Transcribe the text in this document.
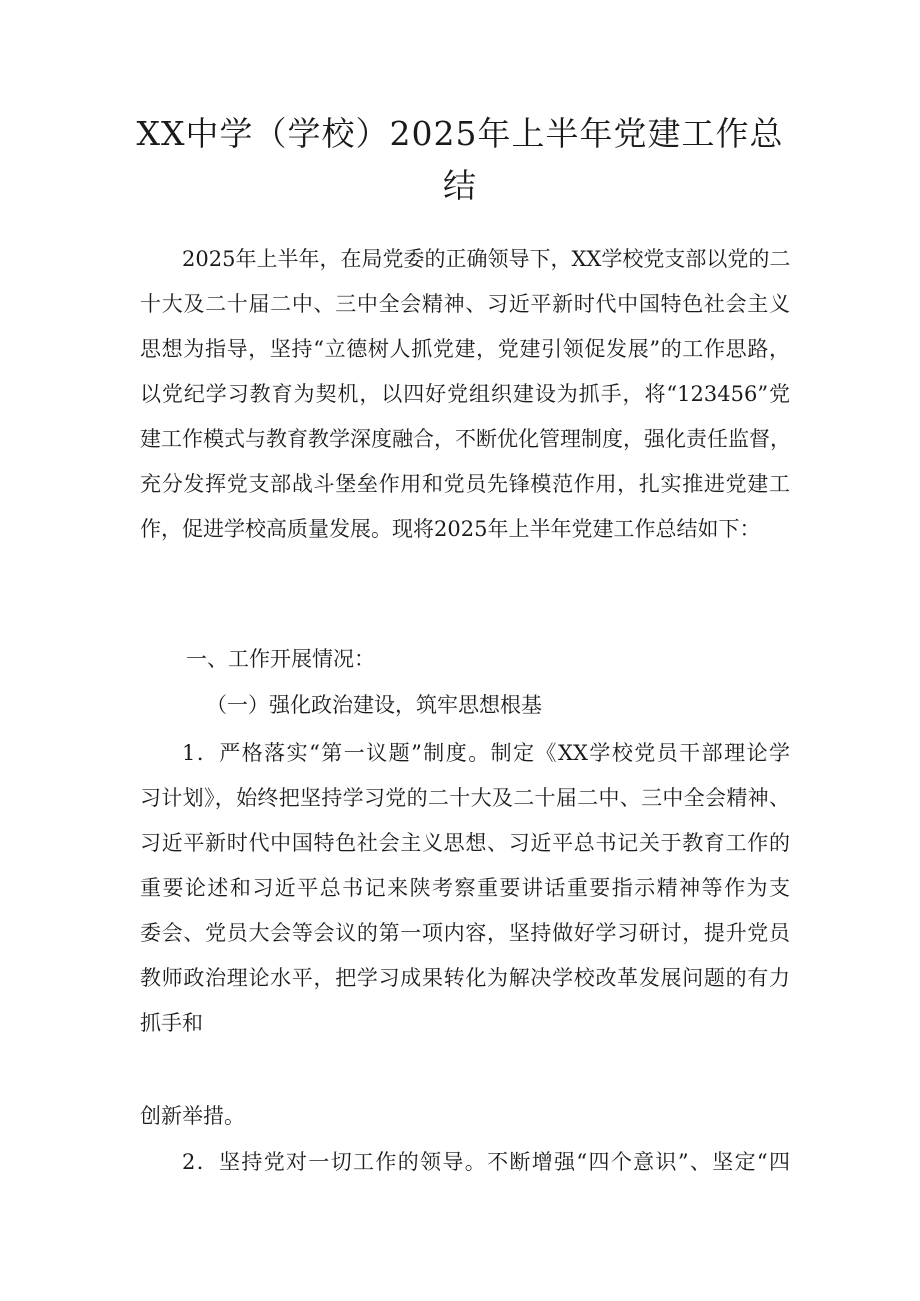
XX中学（学校）2025年上半年党建工作总
结
2025年上半年，在局党委的正确领导下，XX学校党支部以党的二
十大及二十届二中、三中全会精神、习近平新时代中国特色社会主义
思想为指导，坚持“立德树人抓党建，党建引领促发展”的工作思路，
以党纪学习教育为契机，以四好党组织建设为抓手，将“123456”党
建工作模式与教育教学深度融合，不断优化管理制度，强化责任监督，
充分发挥党支部战斗堡垒作用和党员先锋模范作用，扎实推进党建工
作，促进学校高质量发展。现将2025年上半年党建工作总结如下：

一、工作开展情况：

（一）强化政治建设，筑牢思想根基

1．严格落实“第一议题”制度。制定《XX学校党员干部理论学
习计划》，始终把坚持学习党的二十大及二十届二中、三中全会精神、
习近平新时代中国特色社会主义思想、习近平总书记关于教育工作的
重要论述和习近平总书记来陕考察重要讲话重要指示精神等作为支
委会、党员大会等会议的第一项内容，坚持做好学习研讨，提升党员
教师政治理论水平，把学习成果转化为解决学校改革发展问题的有力
抓手和

创新举措。

2．坚持党对一切工作的领导。不断增强“四个意识”、坚定“四
